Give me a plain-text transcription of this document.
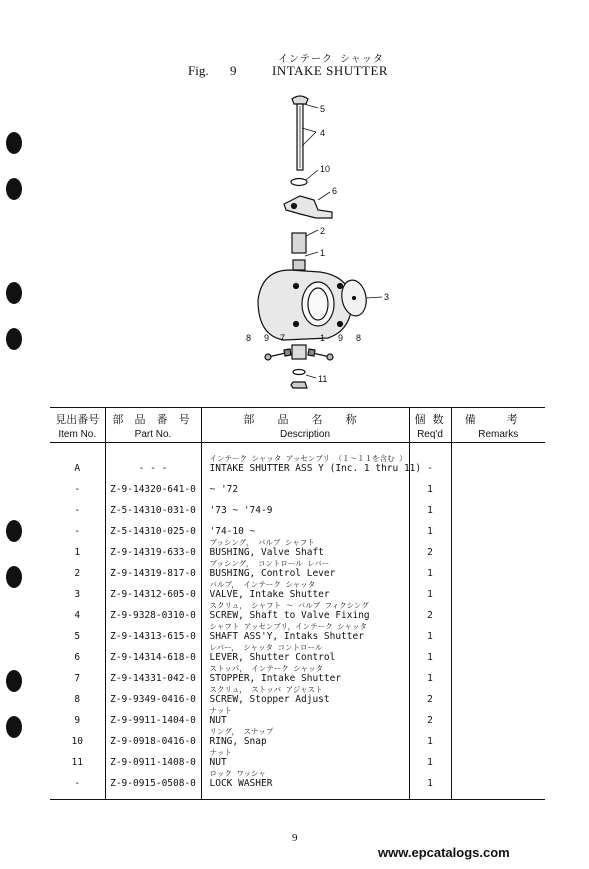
インテーク シャッタ
Fig. 9	INTAKE SHUTTER
5
4
10
6
2
1
3
8 9 7	1 9 8
11
見出番号
Item No.	部 品 番 号
Part No.	部 品 名 称
Description	個 数
Req'd	備 考
Remarks

A	- - -	インテーク シャッタ アッセンブリ （１～１１を含む ）
INTAKE SHUTTER ASS Y (Inc. 1 thru 11)	-	
-	Z-9-14320-641-0	~ '72	1	
-	Z-5-14310-031-0	'73 ~ '74-9	1	
-	Z-5-14310-025-0	'74-10 ~	1	
1	Z-9-14319-633-0	ブッシング， バルブ シャフト
BUSHING, Valve Shaft	2	
2	Z-9-14319-817-0	ブッシング， コントロール レバー
BUSHING, Control Lever	1	
3	Z-9-14312-605-0	バルブ， インテーク シャッタ
VALVE, Intake Shutter	1	
4	Z-9-9328-0310-0	スクリュ， シャフト ～ バルブ フィクシング
SCREW, Shaft to Valve Fixing	2	
5	Z-9-14313-615-0	シャフト アッセンブリ，インテーク シャッタ
SHAFT ASS'Y, Intaks Shutter	1	
6	Z-9-14314-618-0	レバー， シャッタ コントロール
LEVER, Shutter Control	1	
7	Z-9-14331-042-0	ストッパ， インテーク シャッタ
STOPPER, Intake Shutter	1	
8	Z-9-9349-0416-0	スクリュ， ストッパ アジャスト
SCREW, Stopper Adjust	2	
9	Z-9-9911-1404-0	ナット
NUT	2	
10	Z-9-0918-0416-0	リング， スナップ
RING, Snap	1	
11	Z-9-0911-1408-0	ナット
NUT	1	
-	Z-9-0915-0508-0	ロック ワッシャ
LOCK WASHER	1	

9
www.epcatalogs.com
